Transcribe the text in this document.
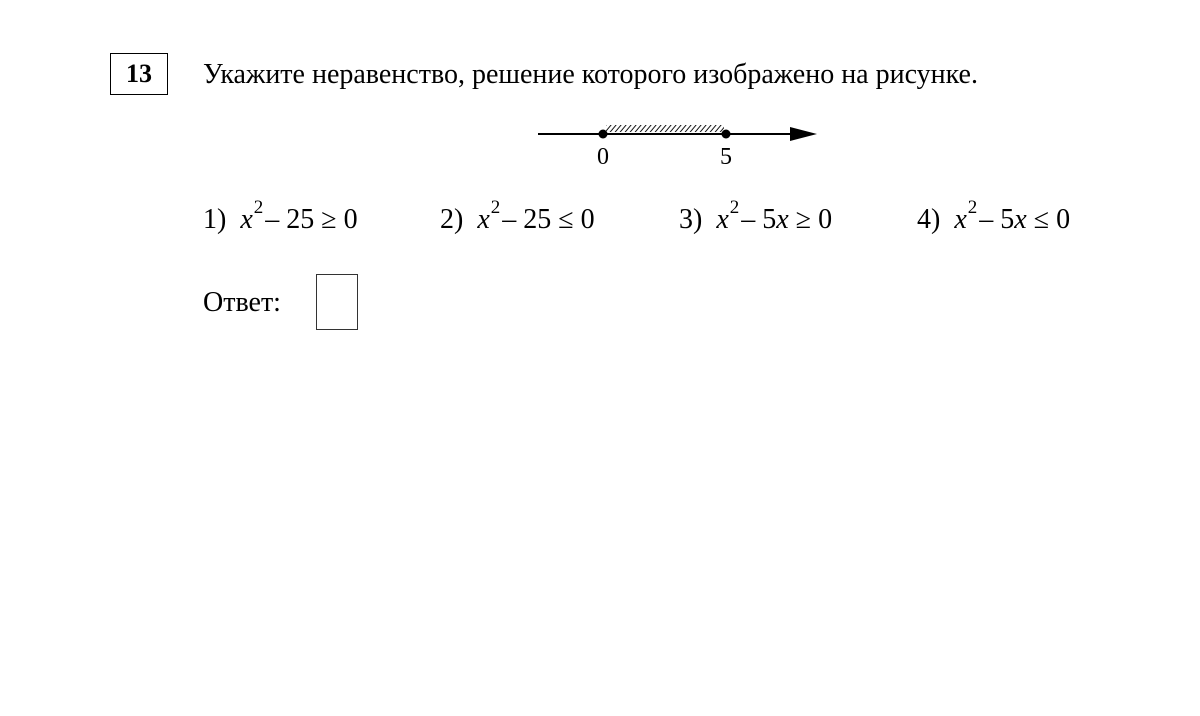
13 Укажите неравенство, решение которого изображено на рисунке.
0	5
1) $x^2-$ 25 ≥ 0	2) $x^2-$ 25 ≤ 0	3) $x^2-$ 5x ≥ 0	4) $x^2-$ 5x ≤ 0
Ответ:
